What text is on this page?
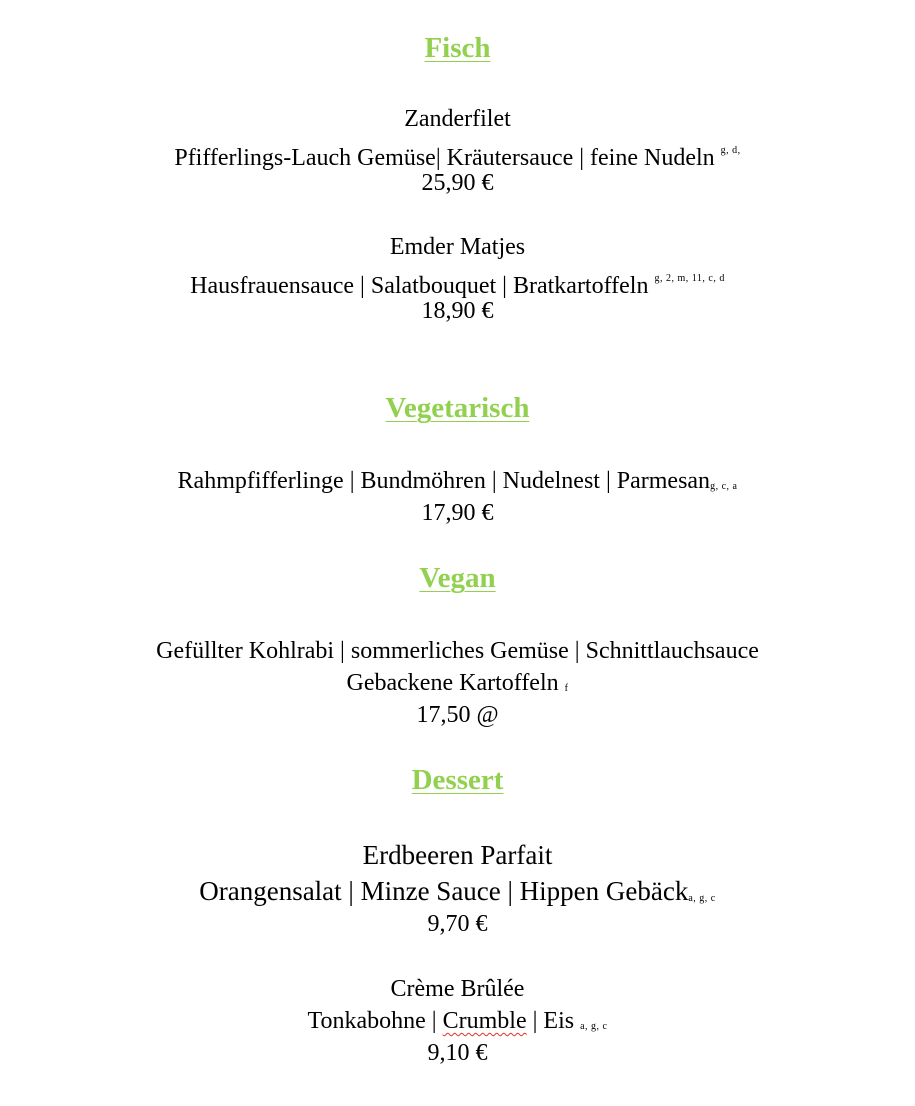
Fisch
Zanderfilet
Pfifferlings-Lauch Gemüse| Kräutersauce | feine Nudeln $^{g, d,}$
25,90 €
Emder Matjes
Hausfrauensauce | Salatbouquet | Bratkartoffeln $^{g, 2, m, 11, c, d}$
18,90 €
Vegetarisch
Rahmpfifferlinge | Bundmöhren | Nudelnest | Parmesan$_{g, c, a}$
17,90 €
Vegan
Gefüllter Kohlrabi | sommerliches Gemüse | Schnittlauchsauce
Gebackene Kartoffeln $_f$
17,50 @
Dessert
Erdbeeren Parfait
Orangensalat | Minze Sauce | Hippen Gebäck$_{a, g, c}$
9,70 €
Crème Brûlée
Tonkabohne | Crumble | Eis $_{a, g, c}$
9,10 €
